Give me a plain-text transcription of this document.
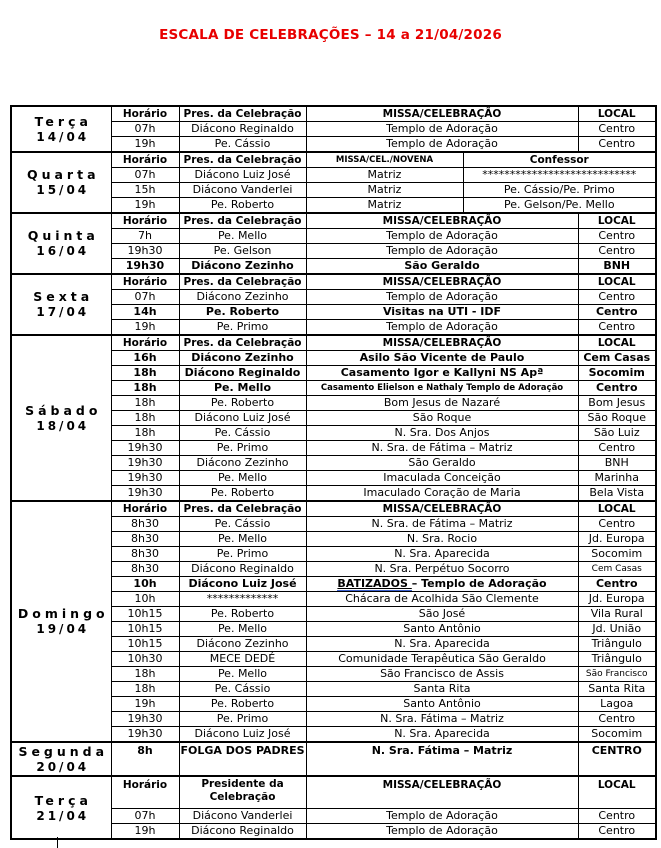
ESCALA DE CELEBRAÇÕES – 14 a 21/04/2026
Terça
14/04	Horário	Pres. da Celebração	MISSA/CELEBRAÇÃO		LOCAL
	07h	Diácono Reginaldo	Templo de Adoração		Centro
	19h	Pe. Cássio	Templo de Adoração		Centro

Quarta
15/04	Horário	Pres. da Celebração	MISSA/CEL./NOVENA	Confessor	
	07h	Diácono Luiz José	Matriz	****************************	
	15h	Diácono Vanderlei	Matriz	Pe. Cássio/Pe. Primo	
	19h	Pe. Roberto	Matriz	Pe. Gelson/Pe. Mello	

Quinta
16/04	Horário	Pres. da Celebração	MISSA/CELEBRAÇÃO		LOCAL
	7h	Pe. Mello	Templo de Adoração		Centro
	19h30	Pe. Gelson	Templo de Adoração		Centro
	19h30	Diácono Zezinho	São Geraldo		BNH

Sexta
17/04	Horário	Pres. da Celebração	MISSA/CELEBRAÇÃO		LOCAL
	07h	Diácono Zezinho	Templo de Adoração		Centro
	14h	Pe. Roberto	Visitas na UTI - IDF		Centro
	19h	Pe. Primo	Templo de Adoração		Centro

Sábado
18/04	Horário	Pres. da Celebração	MISSA/CELEBRAÇÃO		LOCAL
	16h	Diácono Zezinho	Asilo São Vicente de Paulo		Cem Casas
	18h	Diácono Reginaldo	Casamento Igor e Kallyni NS Apª		Socomim
	18h	Pe. Mello	Casamento Elielson e Nathaly Templo de Adoração		Centro
	18h	Pe. Roberto	Bom Jesus de Nazaré		Bom Jesus
	18h	Diácono Luiz José	São Roque		São Roque
	18h	Pe. Cássio	N. Sra. Dos Anjos		São Luiz
	19h30	Pe. Primo	N. Sra. de Fátima – Matriz		Centro
	19h30	Diácono Zezinho	São Geraldo		BNH
	19h30	Pe. Mello	Imaculada Conceição		Marinha
	19h30	Pe. Roberto	Imaculado Coração de Maria		Bela Vista

Domingo
19/04	Horário	Pres. da Celebração	MISSA/CELEBRAÇÃO		LOCAL
	8h30	Pe. Cássio	N. Sra. de Fátima – Matriz		Centro
	8h30	Pe. Mello	N. Sra. Rocio		Jd. Europa
	8h30	Pe. Primo	N. Sra. Aparecida		Socomim
	8h30	Diácono Reginaldo	N. Sra. Perpétuo Socorro		Cem Casas
	10h	Diácono Luiz José	BATIZADOS – Templo de Adoração		Centro
	10h	*************	Chácara de Acolhida São Clemente		Jd. Europa
	10h15	Pe. Roberto	São José		Vila Rural
	10h15	Pe. Mello	Santo Antônio		Jd. União
	10h15	Diácono Zezinho	N. Sra. Aparecida		Triângulo
	10h30	MECE DEDÉ	Comunidade Terapêutica São Geraldo		Triângulo
	18h	Pe. Mello	São Francisco de Assis		São Francisco
	18h	Pe. Cássio	Santa Rita		Santa Rita
	19h	Pe. Roberto	Santo Antônio		Lagoa
	19h30	Pe. Primo	N. Sra. Fátima – Matriz		Centro
	19h30	Diácono Luiz José	N. Sra. Aparecida		Socomim

Segunda
20/04	8h	FOLGA DOS PADRES	N. Sra. Fátima – Matriz		CENTRO

Terça
21/04	Horário	Presidente da Celebração	MISSA/CELEBRAÇÃO		LOCAL
	07h	Diácono Vanderlei	Templo de Adoração		Centro
	19h	Diácono Reginaldo	Templo de Adoração		Centro
